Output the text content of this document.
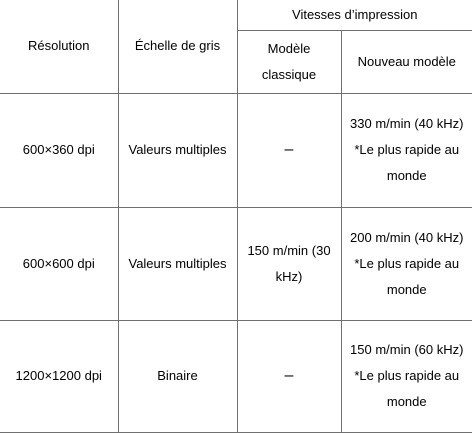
Résolution	Échelle de gris	Vitesses d’impression	
		Modèle classique	Nouveau modèle
600×360 dpi	Valeurs multiples	–	330 m/min (40 kHz) *Le plus rapide au monde
600×600 dpi	Valeurs multiples	150 m/min (30 kHz)	200 m/min (40 kHz) *Le plus rapide au monde
1200×1200 dpi	Binaire	–	150 m/min (60 kHz) *Le plus rapide au monde
